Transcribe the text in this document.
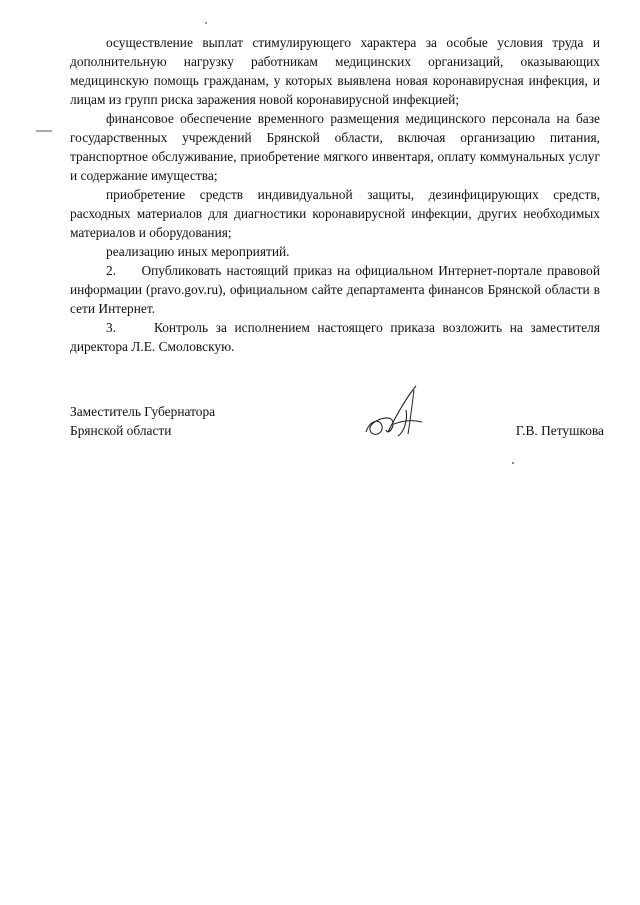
осуществление выплат стимулирующего характера за особые условия труда и дополнительную нагрузку работникам медицинских организаций, оказывающих медицинскую помощь гражданам, у которых выявлена новая коронавирусная инфекция, и лицам из групп риска заражения новой коронавирусной инфекцией;

финансовое обеспечение временного размещения медицинского персонала на базе государственных учреждений Брянской области, включая организацию питания, транспортное обслуживание, приобретение мягкого инвентаря, оплату коммунальных услуг и содержание имущества;

приобретение средств индивидуальной защиты, дезинфицирующих средств, расходных материалов для диагностики коронавирусной инфекции, других необходимых материалов и оборудования;

реализацию иных мероприятий.

2.     Опубликовать настоящий приказ на официальном Интернет-портале правовой информации (pravo.gov.ru), официальном сайте департамента финансов Брянской области в сети Интернет.

3.     Контроль за исполнением настоящего приказа возложить на заместителя директора Л.Е. Смоловскую.

Заместитель Губернатора
Брянской области	Г.В. Петушкова
